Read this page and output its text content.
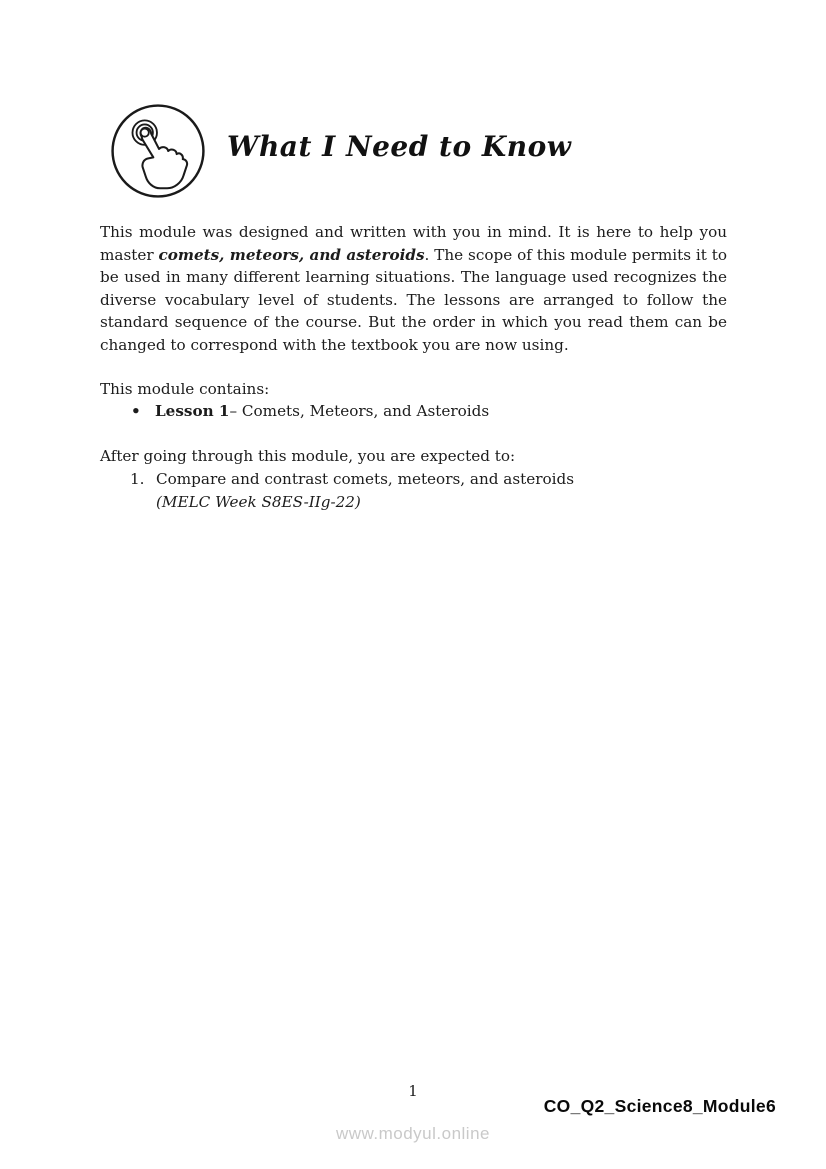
What I Need to Know

This module was designed and written with you in mind. It is here to help you master comets, meteors, and asteroids. The scope of this module permits it to be used in many different learning situations. The language used recognizes the diverse vocabulary level of students. The lessons are arranged to follow the standard sequence of the course. But the order in which you read them can be changed to correspond with the textbook you are now using.

This module contains:
• Lesson 1– Comets, Meteors, and Asteroids
After going through this module, you are expected to:
1. Compare and contrast comets, meteors, and asteroids
(MELC Week S8ES-IIg-22)
1
CO_Q2_Science8_Module6
www.modyul.online
